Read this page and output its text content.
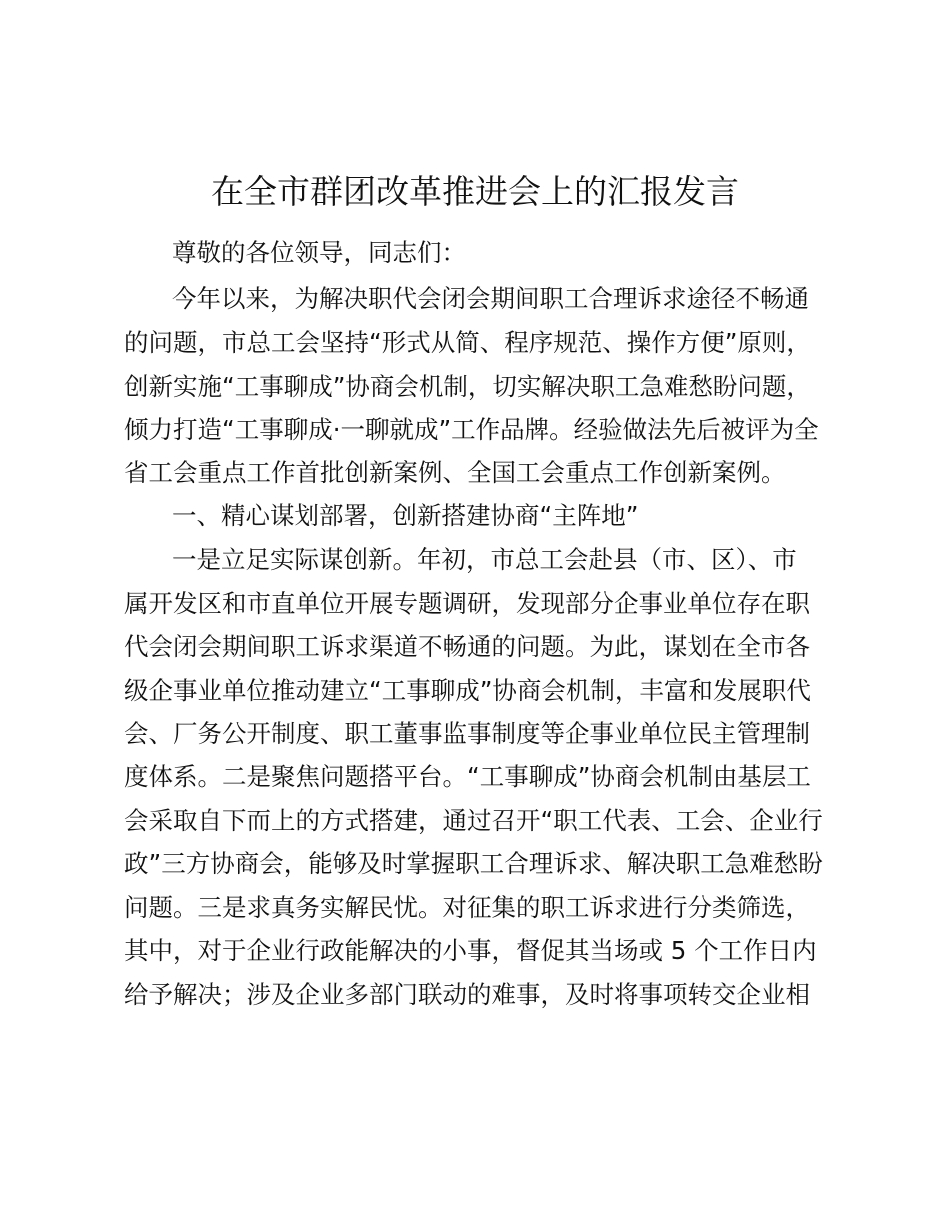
在全市群团改革推进会上的汇报发言

尊敬的各位领导，同志们：

今年以来，为解决职代会闭会期间职工合理诉求途径不畅通

的问题，市总工会坚持“形式从简、程序规范、操作方便”原则，

创新实施“工事聊成”协商会机制，切实解决职工急难愁盼问题，

倾力打造“工事聊成·一聊就成”工作品牌。经验做法先后被评为全

省工会重点工作首批创新案例、全国工会重点工作创新案例。

一、精心谋划部署，创新搭建协商“主阵地”

一是立足实际谋创新。年初，市总工会赴县（市、区）、市

属开发区和市直单位开展专题调研，发现部分企事业单位存在职

代会闭会期间职工诉求渠道不畅通的问题。为此，谋划在全市各

级企事业单位推动建立“工事聊成”协商会机制，丰富和发展职代

会、厂务公开制度、职工董事监事制度等企事业单位民主管理制

度体系。二是聚焦问题搭平台。“工事聊成”协商会机制由基层工

会采取自下而上的方式搭建，通过召开“职工代表、工会、企业行

政”三方协商会，能够及时掌握职工合理诉求、解决职工急难愁盼

问题。三是求真务实解民忧。对征集的职工诉求进行分类筛选，

其中，对于企业行政能解决的小事，督促其当场或 5 个工作日内

给予解决；涉及企业多部门联动的难事，及时将事项转交企业相
